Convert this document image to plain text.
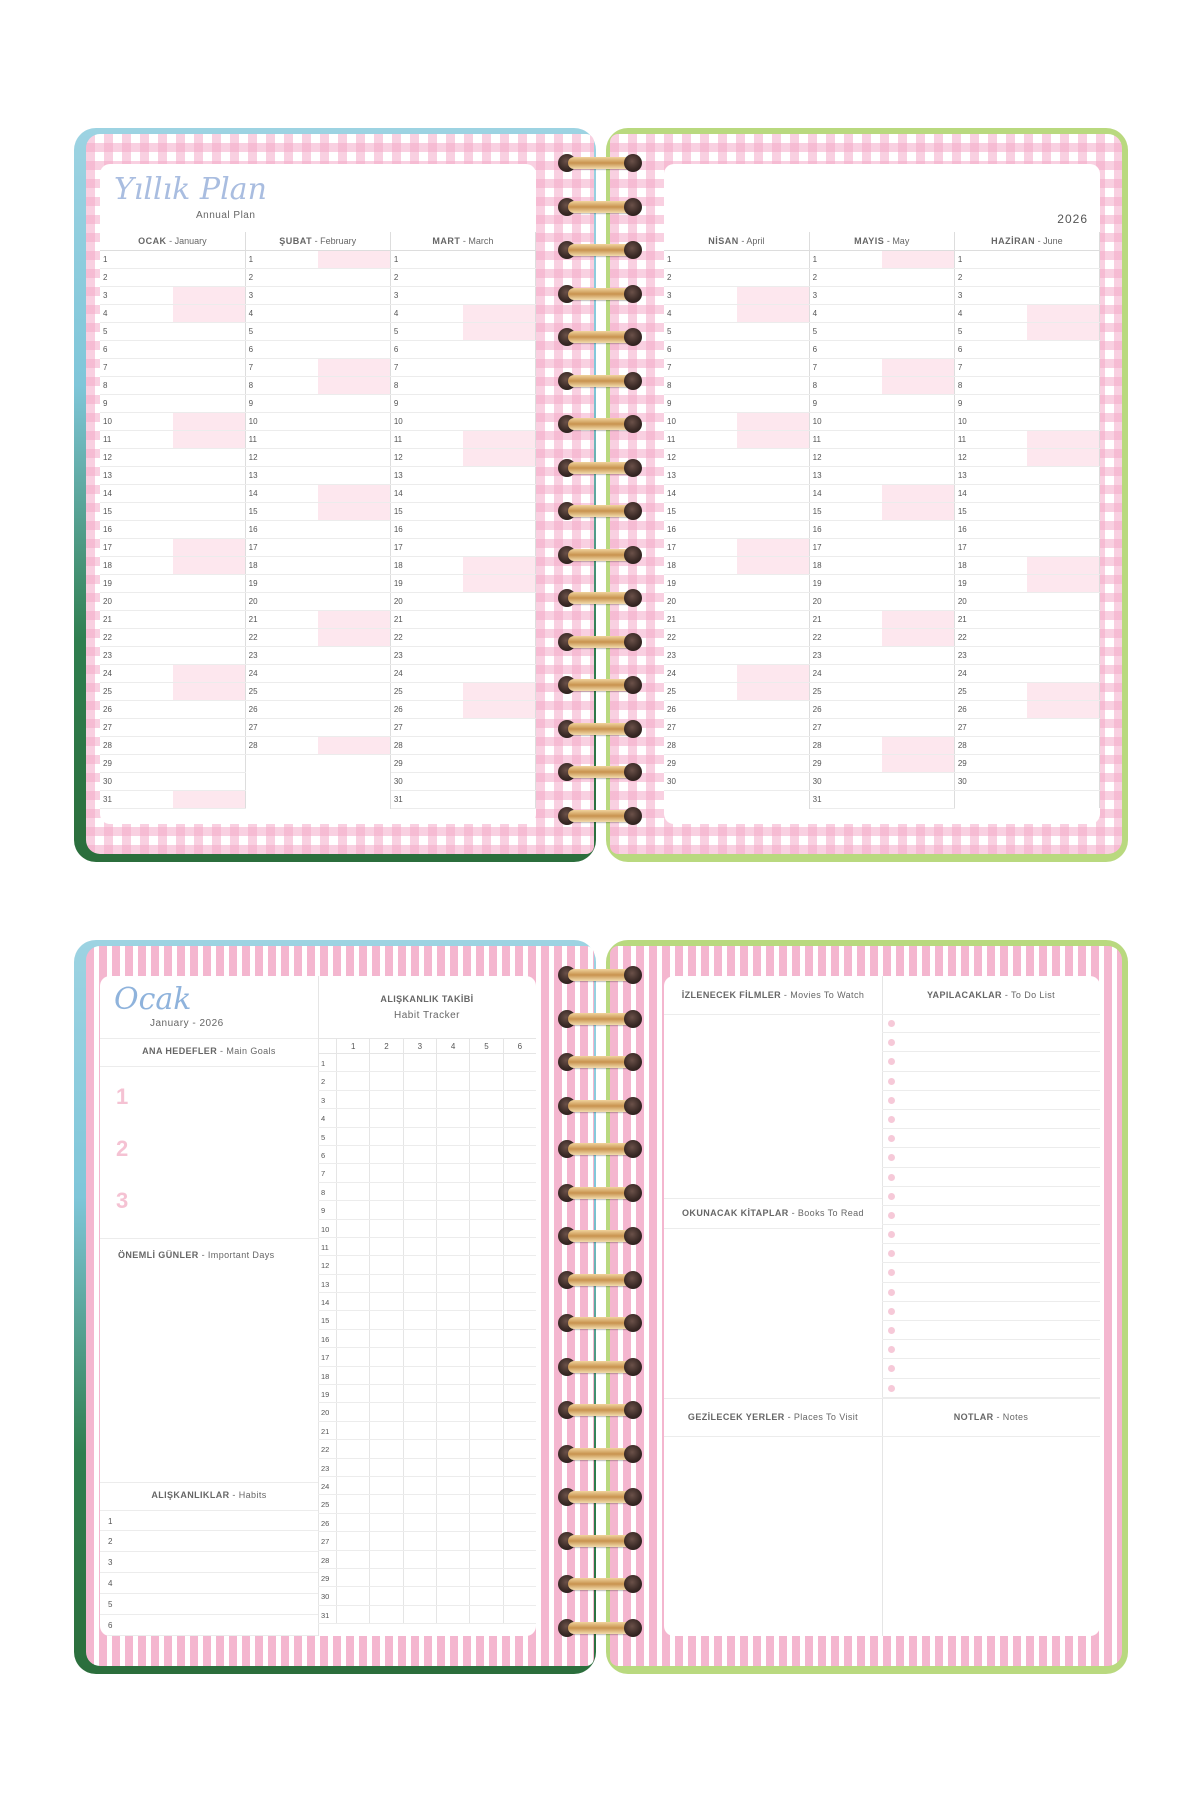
Yıllık Plan
Annual Plan
OCAK - January		ŞUBAT - February		MART - March	
1		1		1	
2		2		2	
3		3		3	
4		4		4	
5		5		5	
6		6		6	
7		7		7	
8		8		8	
9		9		9	
10		10		10	
11		11		11	
12		12		12	
13		13		13	
14		14		14	
15		15		15	
16		16		16	
17		17		17	
18		18		18	
19		19		19	
20		20		20	
21		21		21	
22		22		22	
23		23		23	
24		24		24	
25		25		25	
26		26		26	
27		27		27	
28		28		28	
29				29	
30				30	
31				31	
2026
NİSAN - April		MAYIS - May		HAZİRAN - June	
1		1		1	
2		2		2	
3		3		3	
4		4		4	
5		5		5	
6		6		6	
7		7		7	
8		8		8	
9		9		9	
10		10		10	
11		11		11	
12		12		12	
13		13		13	
14		14		14	
15		15		15	
16		16		16	
17		17		17	
18		18		18	
19		19		19	
20		20		20	
21		21		21	
22		22		22	
23		23		23	
24		24		24	
25		25		25	
26		26		26	
27		27		27	
28		28		28	
29		29		29	
30		30		30	
		31			
Ocak
January - 2026
ANA HEDEFLER - Main Goals
1
2
3
ÖNEMLİ GÜNLER - Important Days
ALIŞKANLIKLAR - Habits
1
2
3
4
5
6
ALIŞKANLIK TAKİBİ
Habit Tracker
1	2	3	4	5	6
1
2
3
4
5
6
7
8
9
10
11
12
13
14
15
16
17
18
19
20
21
22
23
24
25
26
27
28
29
30
31
İZLENECEK FİLMLER - Movies To Watch	YAPILACAKLAR - To Do List
OKUNACAK KİTAPLAR - Books To Read
GEZİLECEK YERLER - Places To Visit	NOTLAR - Notes
